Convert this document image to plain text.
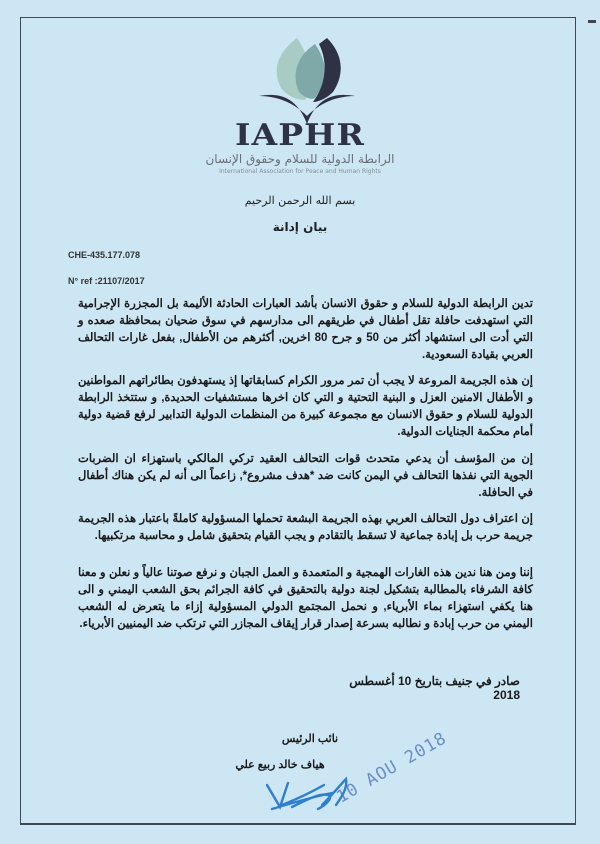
IAPHR
الرابطة الدولية للسلام وحقوق الإنسان
International Association for Peace and Human Rights
بسم الله الرحمن الرحيم
بيان إدانة
CHE-435.177.078
N° ref :21107/2017
تدين الرابطة الدولية للسلام و حقوق الانسان بأشد العبارات الحادثة الأليمة بل المجزرة الإجرامية التي استهدفت حافلة تقل أطفال في طريقهم الى مدارسهم في سوق ضحيان بمحافظة صعده و التي أدت الى استشهاد أكثر من 50 و جرح 80 اخرين, أكثرهم من الأطفال, بفعل غارات التحالف العربي بقيادة السعودية.
إن هذه الجريمة المروعة لا يجب أن تمر مرور الكرام كسابقاتها إذ يستهدفون بطائراتهم المواطنين و الأطفال الامنين العزل و البنية التحتية و التي كان اخرها مستشفيات الحديدة, و ستتخذ الرابطة الدولية للسلام و حقوق الانسان مع مجموعة كبيرة من المنظمات الدولية التدابير لرفع قضية دولية أمام محكمة الجنايات الدولية.
إن من المؤسف أن يدعي متحدث قوات التحالف العقيد تركي المالكي باستهزاء ان الضربات الجوية التي نفذها التحالف في اليمن كانت ضد *هدف مشروع*, زاعماً الى أنه لم يكن هناك أطفال في الحافلة.
إن اعتراف دول التحالف العربي بهذه الجريمة البشعة تحملها المسؤولية كاملةً باعتبار هذه الجريمة جريمة حرب بل إبادة جماعية لا تسقط بالتقادم و يجب القيام بتحقيق شامل و محاسبة مرتكبيها.
إننا ومن هنا ندين هذه الغارات الهمجية و المتعمدة و العمل الجبان و نرفع صوتنا عالياً و نعلن و معنا كافة الشرفاء بالمطالبة بتشكيل لجنة دولية بالتحقيق في كافة الجرائم بحق الشعب اليمني و الى هنا يكفي استهزاء بماء الأبرياء, و نحمل المجتمع الدولي المسؤولية إزاء ما يتعرض له الشعب اليمني من حرب إبادة و نطالبه بسرعة إصدار قرار إيقاف المجازر التي ترتكب ضد اليمنيين الأبرياء.
صادر في جنيف بتاريخ 10 أغسطس 2018
نائب الرئيس
هياف خالد ربيع علي 10 AOU 2018
